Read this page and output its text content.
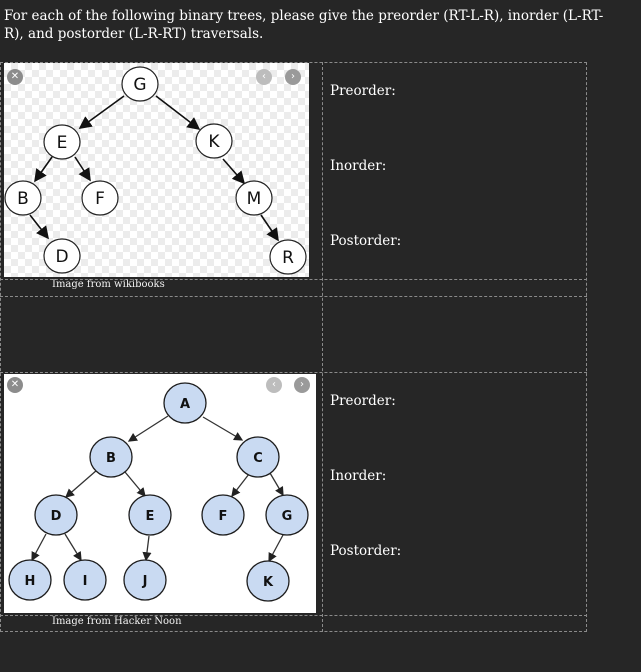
For each of the following binary trees, please give the preorder (RT-L-R), inorder (L-RT-R), and postorder (L-R-RT) traversals.
G
E	K
B	F	M
D	R
✕	‹	›
Image from wikibooks
Preorder:
Inorder:
Postorder:
A
B	C
D	E	F	G
H	I	J	K
✕	‹	›
Image from Hacker Noon
Preorder:
Inorder:
Postorder:
